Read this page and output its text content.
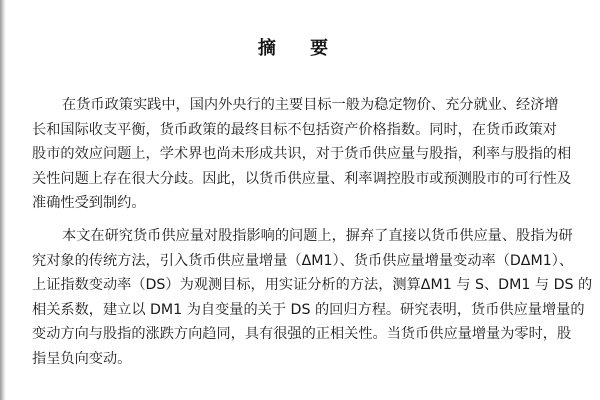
摘 要

在货币政策实践中，国内外央行的主要目标一般为稳定物价、充分就业、经济增
长和国际收支平衡，货币政策的最终目标不包括资产价格指数。同时，在货币政策对
股市的效应问题上，学术界也尚未形成共识，对于货币供应量与股指，利率与股指的相
关性问题上存在很大分歧。因此，以货币供应量、利率调控股市或预测股市的可行性及
准确性受到制约。

本文在研究货币供应量对股指影响的问题上，摒弃了直接以货币供应量、股指为研
究对象的传统方法，引入货币供应量增量（ΔM1）、货币供应量增量变动率（DΔM1）、
上证指数变动率（DS）为观测目标，用实证分析的方法，测算ΔM1 与 S、DM1 与 DS 的
相关系数，建立以 DM1 为自变量的关于 DS 的回归方程。研究表明，货币供应量增量的
变动方向与股指的涨跌方向趋同，具有很强的正相关性。当货币供应量增量为零时，股
指呈负向变动。
